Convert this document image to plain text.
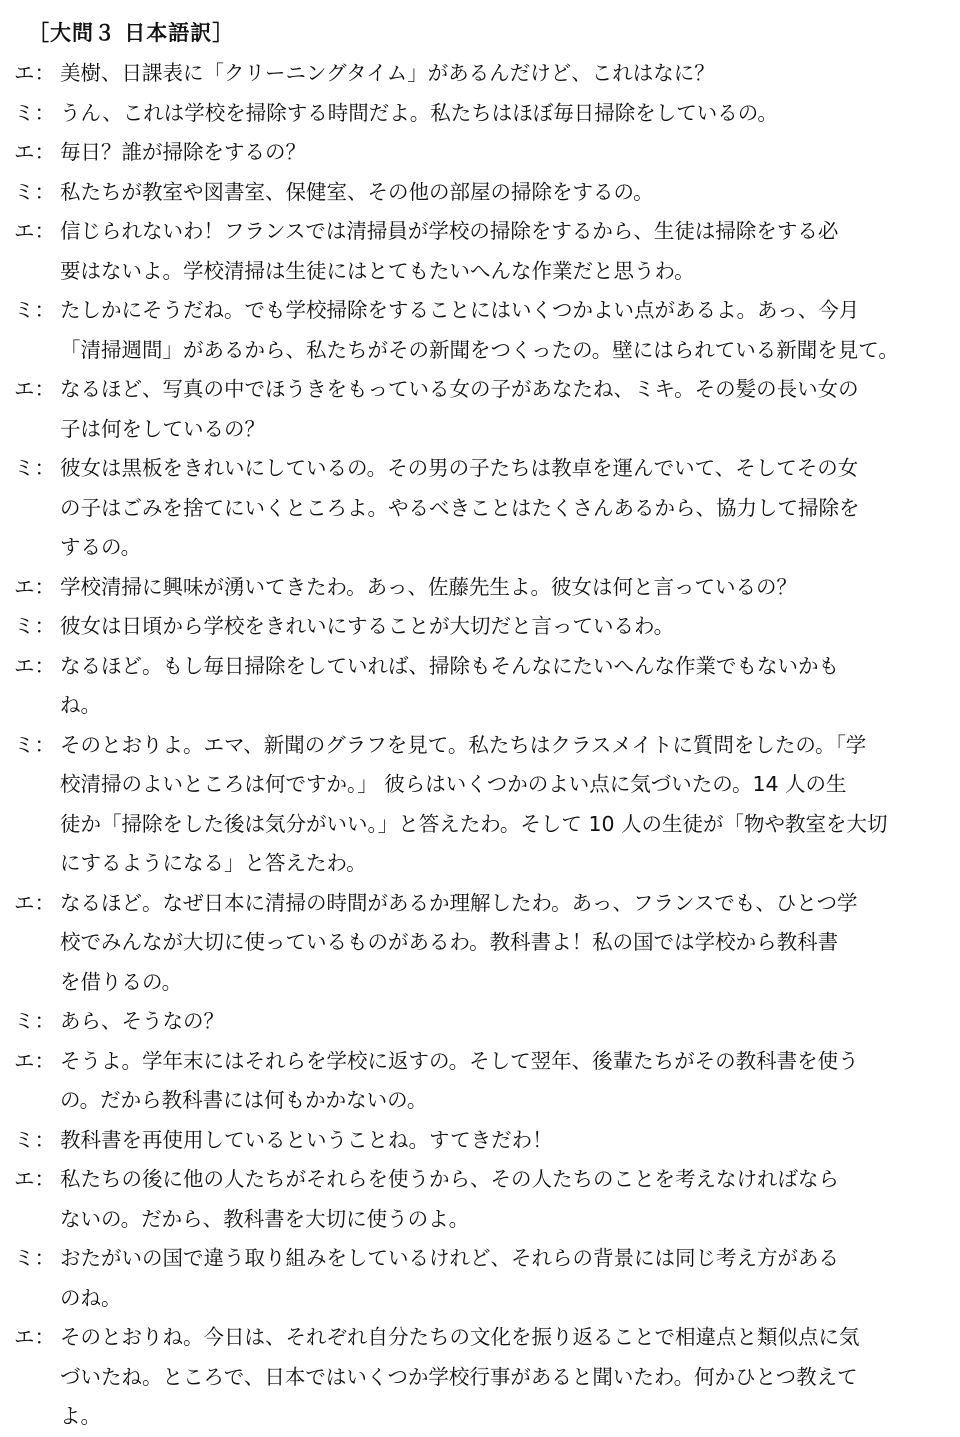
［大問３ 日本語訳］
エ： 美樹、日課表に「クリーニングタイム」があるんだけど、これはなに？
ミ： うん、これは学校を掃除する時間だよ。私たちはほぼ毎日掃除をしているの。
エ： 毎日？誰が掃除をするの？
ミ： 私たちが教室や図書室、保健室、その他の部屋の掃除をするの。
エ： 信じられないわ！フランスでは清掃員が学校の掃除をするから、生徒は掃除をする必
要はないよ。学校清掃は生徒にはとてもたいへんな作業だと思うわ。
ミ： たしかにそうだね。でも学校掃除をすることにはいくつかよい点があるよ。あっ、今月
「清掃週間」があるから、私たちがその新聞をつくったの。壁にはられている新聞を見て。
エ： なるほど、写真の中でほうきをもっている女の子があなたね、ミキ。その髪の長い女の
子は何をしているの？
ミ： 彼女は黒板をきれいにしているの。その男の子たちは教卓を運んでいて、そしてその女
の子はごみを捨てにいくところよ。やるべきことはたくさんあるから、協力して掃除を
するの。
エ： 学校清掃に興味が湧いてきたわ。あっ、佐藤先生よ。彼女は何と言っているの？
ミ： 彼女は日頃から学校をきれいにすることが大切だと言っているわ。
エ： なるほど。もし毎日掃除をしていれば、掃除もそんなにたいへんな作業でもないかも
ね。
ミ： そのとおりよ。エマ、新聞のグラフを見て。私たちはクラスメイトに質問をしたの。「学
校清掃のよいところは何ですか。」 彼らはいくつかのよい点に気づいたの。14 人の生
徒か「掃除をした後は気分がいい。」と答えたわ。そして 10 人の生徒が「物や教室を大切
にするようになる」と答えたわ。
エ： なるほど。なぜ日本に清掃の時間があるか理解したわ。あっ、フランスでも、ひとつ学
校でみんなが大切に使っているものがあるわ。教科書よ！私の国では学校から教科書
を借りるの。
ミ： あら、そうなの？
エ： そうよ。学年末にはそれらを学校に返すの。そして翌年、後輩たちがその教科書を使う
の。だから教科書には何もかかないの。
ミ： 教科書を再使用しているということね。すてきだわ！
エ： 私たちの後に他の人たちがそれらを使うから、その人たちのことを考えなければなら
ないの。だから、教科書を大切に使うのよ。
ミ： おたがいの国で違う取り組みをしているけれど、それらの背景には同じ考え方がある
のね。
エ： そのとおりね。今日は、それぞれ自分たちの文化を振り返ることで相違点と類似点に気
づいたね。ところで、日本ではいくつか学校行事があると聞いたわ。何かひとつ教えて
よ。
